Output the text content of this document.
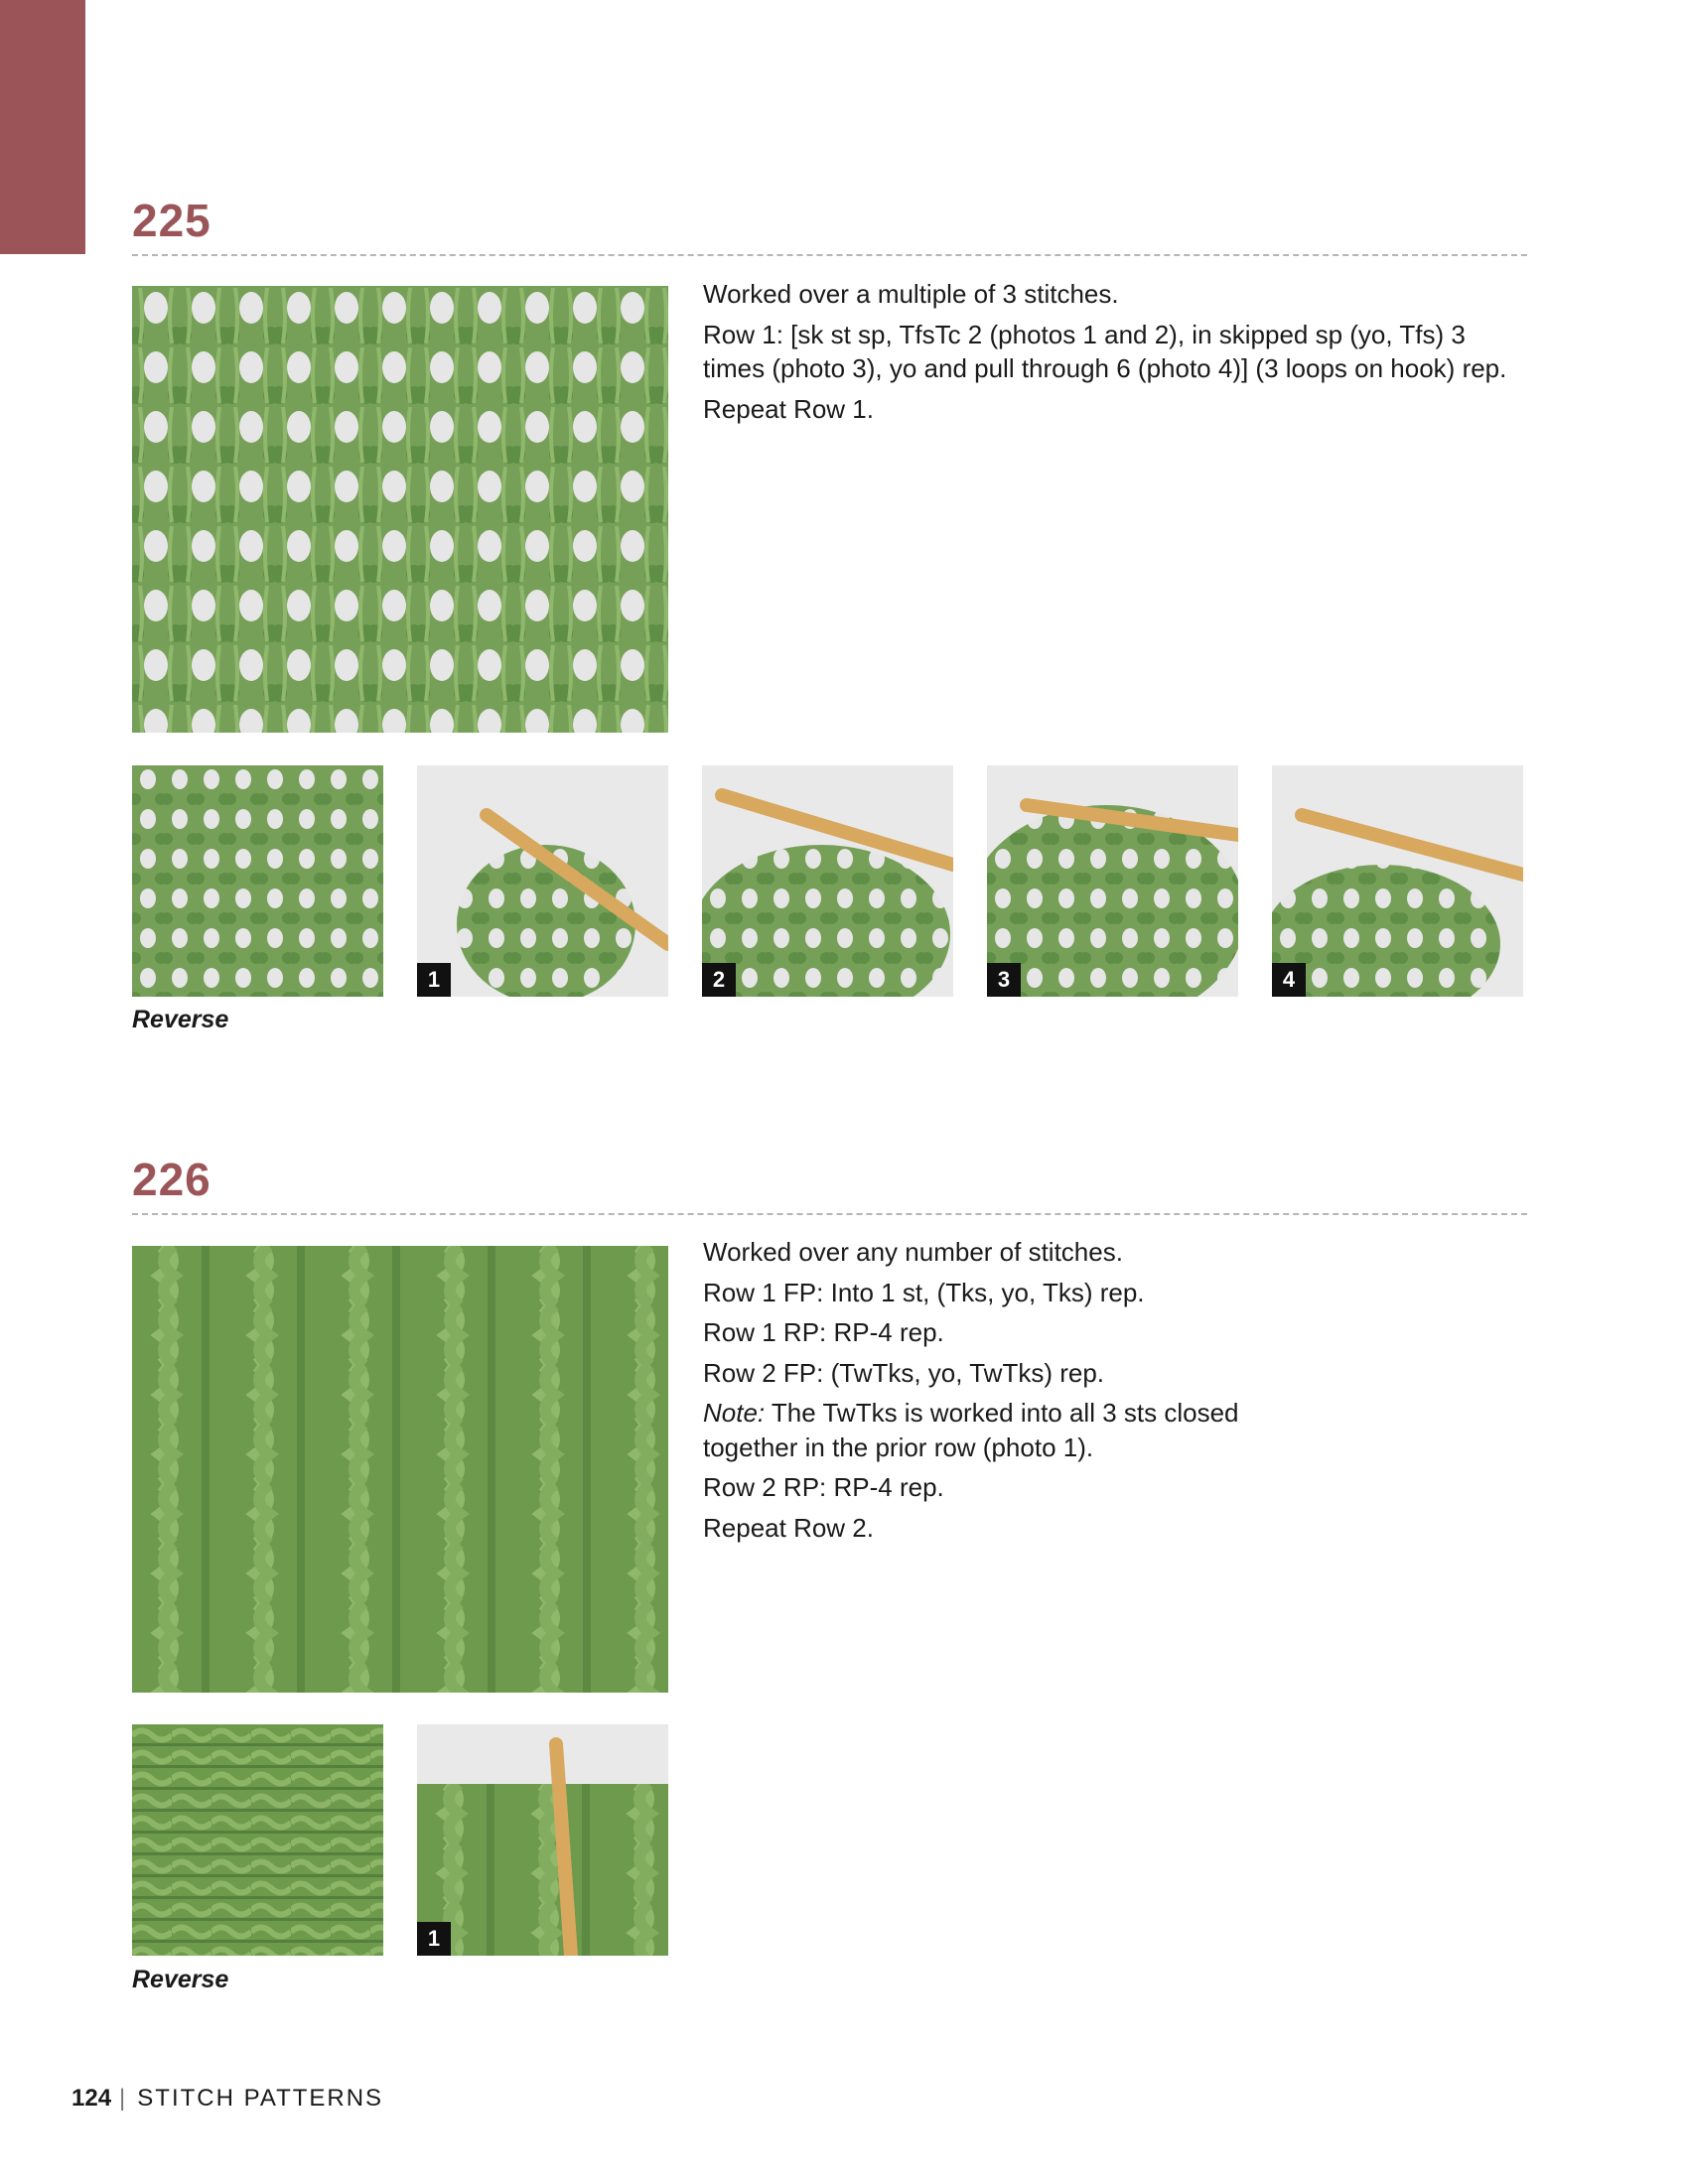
225

Worked over a multiple of 3 stitches.

Row 1: [sk st sp, TfsTc 2 (photos 1 and 2), in skipped sp (yo, Tfs) 3 times (photo 3), yo and pull through 6 (photo 4)] (3 loops on hook) rep.

Repeat Row 1.

1	2	3	4
Reverse
226

Worked over any number of stitches.

Row 1 FP: Into 1 st, (Tks, yo, Tks) rep.

Row 1 RP: RP-4 rep.

Row 2 FP: (TwTks, yo, TwTks) rep.

Note: The TwTks is worked into all 3 sts closed together in the prior row (photo 1).

Row 2 RP: RP-4 rep.

Repeat Row 2.

1
Reverse
124 | STITCH PATTERNS
